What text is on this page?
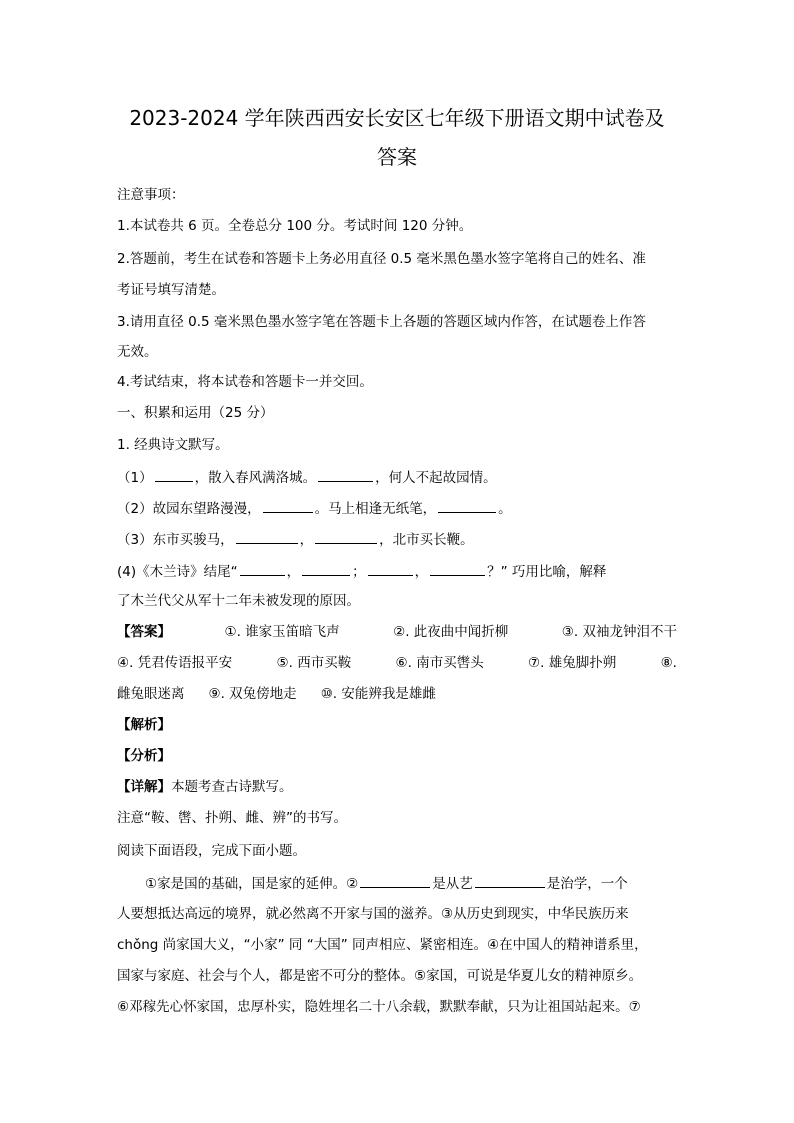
2023-2024 学年陕西西安长安区七年级下册语文期中试卷及
答案
注意事项：
1.本试卷共 6 页。全卷总分 100 分。考试时间 120 分钟。
2.答题前，考生在试卷和答题卡上务必用直径 0.5 毫米黑色墨水签字笔将自己的姓名、准
考证号填写清楚。
3.请用直径 0.5 毫米黑色墨水签字笔在答题卡上各题的答题区域内作答，在试题卷上作答
无效。
4.考试结束，将本试卷和答题卡一并交回。
一、积累和运用（25 分）
1. 经典诗文默写。
（1）	，散入春风满洛城。	，何人不起故园情。
（2）故园东望路漫漫，	。马上相逢无纸笔，	。
（3）东市买骏马，	，	，北市买长鞭。
(4)《木兰诗》结尾“	，	；	，	？” 巧用比喻，解释
了木兰代父从军十二年未被发现的原因。
【答案】	①. 谁家玉笛暗飞声	②. 此夜曲中闻折柳	③. 双袖龙钟泪不干
④. 凭君传语报平安	⑤. 西市买鞍	⑥. 南市买辔头	⑦. 雄兔脚扑朔	⑧.
雌兔眼迷离 ⑨. 双兔傍地走 ⑩. 安能辨我是雄雌
【解析】
【分析】
【详解】本题考查古诗默写。
注意“鞍、辔、扑朔、雌、辨”的书写。
阅读下面语段，完成下面小题。
①家是国的基础，国是家的延伸。②	是从艺	是治学，一个
人要想抵达高远的境界，就必然离不开家与国的滋养。③从历史到现实，中华民族历来
chǒng 尚家国大义，“小家” 同 “大国” 同声相应、紧密相连。④在中国人的精神谱系里，
国家与家庭、社会与个人，都是密不可分的整体。⑤家国，可说是华夏儿女的精神原乡。
⑥邓稼先心怀家国，忠厚朴实，隐姓埋名二十八余载，默默奉献，只为让祖国站起来。⑦
